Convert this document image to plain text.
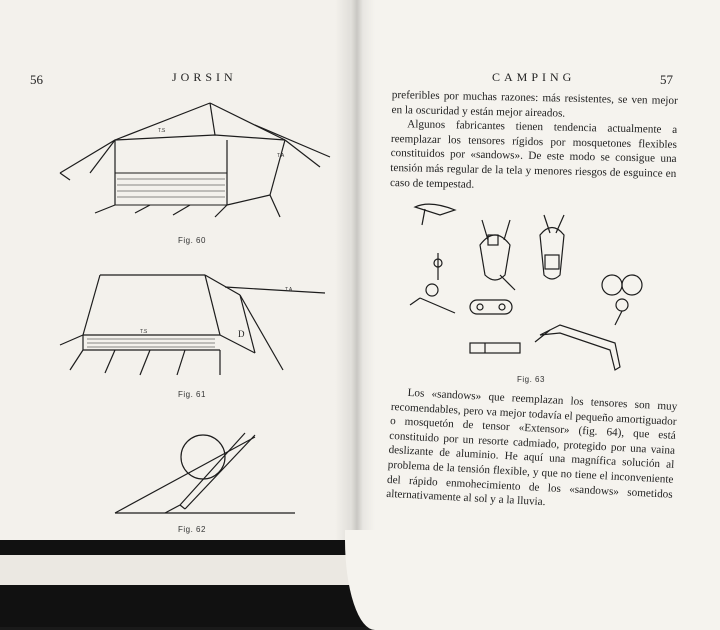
56	JORSIN
T.S
T.A
Fig. 60
D
T.A
T.S
Fig. 61
Fig. 62
CAMPING	57

preferibles por muchas razones: más resistentes, se ven mejor en la oscuridad y están mejor aireados.

Algunos fabricantes tienen tendencia actualmente a reemplazar los tensores rígidos por mosquetones flexibles constituidos por «sandows». De este modo se consigue una tensión más regular de la tela y menores riesgos de esguince en caso de tempestad.

Fig. 63

Los «sandows» que reemplazan los tensores son muy recomendables, pero va mejor todavía el pequeño amortiguador o mosquetón de tensor «Extensor» (fig. 64), que está constituido por un resorte cadmiado, protegido por una vaina deslizante de aluminio. He aquí una magnífica solución al problema de la tensión flexible, y que no tiene el inconveniente del rápido enmohecimiento de los «sandows» sometidos alternativamente al sol y a la lluvia.
